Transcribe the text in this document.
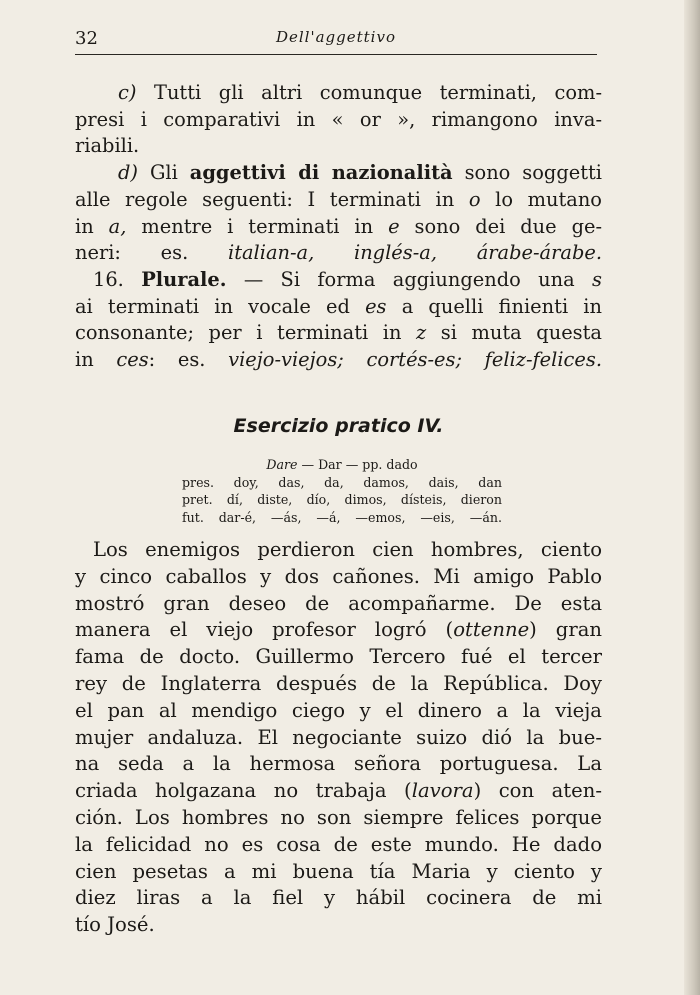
32	Dell'aggettivo
c) Tutti gli altri comunque terminati, com-
presi i comparativi in « or », rimangono inva-
riabili.
d) Gli aggettivi di nazionalità sono soggetti
alle regole seguenti: I terminati in o lo mutano
in a, mentre i terminati in e sono dei due ge-
neri: es. italian-a, inglés-a, árabe-árabe.
16. Plurale. — Si forma aggiungendo una s
ai terminati in vocale ed es a quelli finienti in
consonante; per i terminati in z si muta questa
in ces: es. viejo-viejos; cortés-es; feliz-felices.
Esercizio pratico IV.
Dare — Dar — pp. dado
pres. doy, das, da, damos, dais, dan
pret. dí, diste, dío, dimos, dísteis, dieron
fut. dar-é, —ás, —á, —emos, —eis, —án.
Los enemigos perdieron cien hombres, ciento
y cinco caballos y dos cañones. Mi amigo Pablo
mostró gran deseo de acompañarme. De esta
manera el viejo profesor logró (ottenne) gran
fama de docto. Guillermo Tercero fué el tercer
rey de Inglaterra después de la República. Doy
el pan al mendigo ciego y el dinero a la vieja
mujer andaluza. El negociante suizo dió la bue-
na seda a la hermosa señora portuguesa. La
criada holgazana no trabaja (lavora) con aten-
ción. Los hombres no son siempre felices porque
la felicidad no es cosa de este mundo. He dado
cien pesetas a mi buena tía Maria y ciento y
diez liras a la fiel y hábil cocinera de mi
tío José.
